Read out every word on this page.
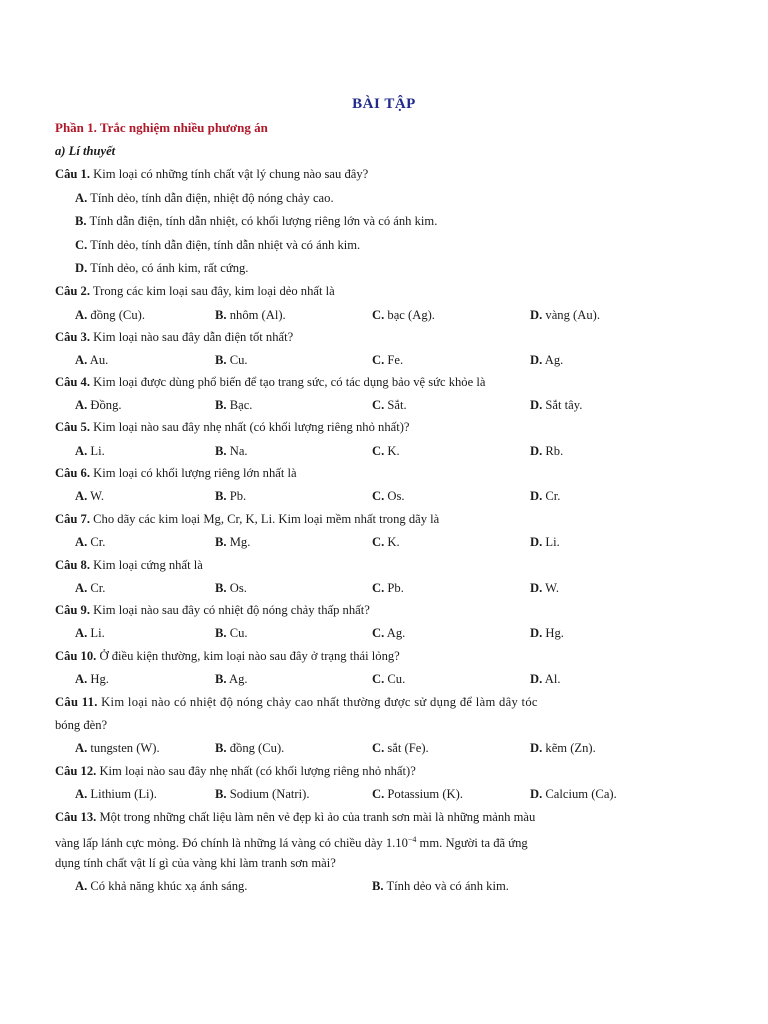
BÀI TẬP
Phần 1. Trắc nghiệm nhiều phương án
a) Lí thuyết
Câu 1. Kim loại có những tính chất vật lý chung nào sau đây?
A. Tính dẻo, tính dẫn điện, nhiệt độ nóng chảy cao.
B. Tính dẫn điện, tính dẫn nhiệt, có khối lượng riêng lớn và có ánh kim.
C. Tính dẻo, tính dẫn điện, tính dẫn nhiệt và có ánh kim.
D. Tính dẻo, có ánh kim, rất cứng.
Câu 2. Trong các kim loại sau đây, kim loại dẻo nhất là
A. đồng (Cu).	B. nhôm (Al).	C. bạc (Ag).	D. vàng (Au).
Câu 3. Kim loại nào sau đây dẫn điện tốt nhất?
A. Au.	B. Cu.	C. Fe.	D. Ag.
Câu 4. Kim loại được dùng phổ biến để tạo trang sức, có tác dụng bảo vệ sức khỏe là
A. Đồng.	B. Bạc.	C. Sắt.	D. Sắt tây.
Câu 5. Kim loại nào sau đây nhẹ nhất (có khối lượng riêng nhỏ nhất)?
A. Li.	B. Na.	C. K.	D. Rb.
Câu 6. Kim loại có khối lượng riêng lớn nhất là
A. W.	B. Pb.	C. Os.	D. Cr.
Câu 7. Cho dãy các kim loại Mg, Cr, K, Li. Kim loại mềm nhất trong dãy là
A. Cr.	B. Mg.	C. K.	D. Li.
Câu 8. Kim loại cứng nhất là
A. Cr.	B. Os.	C. Pb.	D. W.
Câu 9. Kim loại nào sau đây có nhiệt độ nóng chảy thấp nhất?
A. Li.	B. Cu.	C. Ag.	D. Hg.
Câu 10. Ở điều kiện thường, kim loại nào sau đây ở trạng thái lỏng?
A. Hg.	B. Ag.	C. Cu.	D. Al.
Câu 11. Kim loại nào có nhiệt độ nóng chảy cao nhất thường được sử dụng để làm dây tóc
bóng đèn?
A. tungsten (W).	B. đồng (Cu).	C. sắt (Fe).	D. kẽm (Zn).
Câu 12. Kim loại nào sau đây nhẹ nhất (có khối lượng riêng nhỏ nhất)?
A. Lithium (Li).	B. Sodium (Natri).	C. Potassium (K).	D. Calcium (Ca).
Câu 13. Một trong những chất liệu làm nên vẻ đẹp kì ảo của tranh sơn mài là những mảnh màu
vàng lấp lánh cực mỏng. Đó chính là những lá vàng có chiều dày $1.10^{-4}$ mm. Người ta đã ứng
dụng tính chất vật lí gì của vàng khi làm tranh sơn mài?
A. Có khả năng khúc xạ ánh sáng.	B. Tính dẻo và có ánh kim.
